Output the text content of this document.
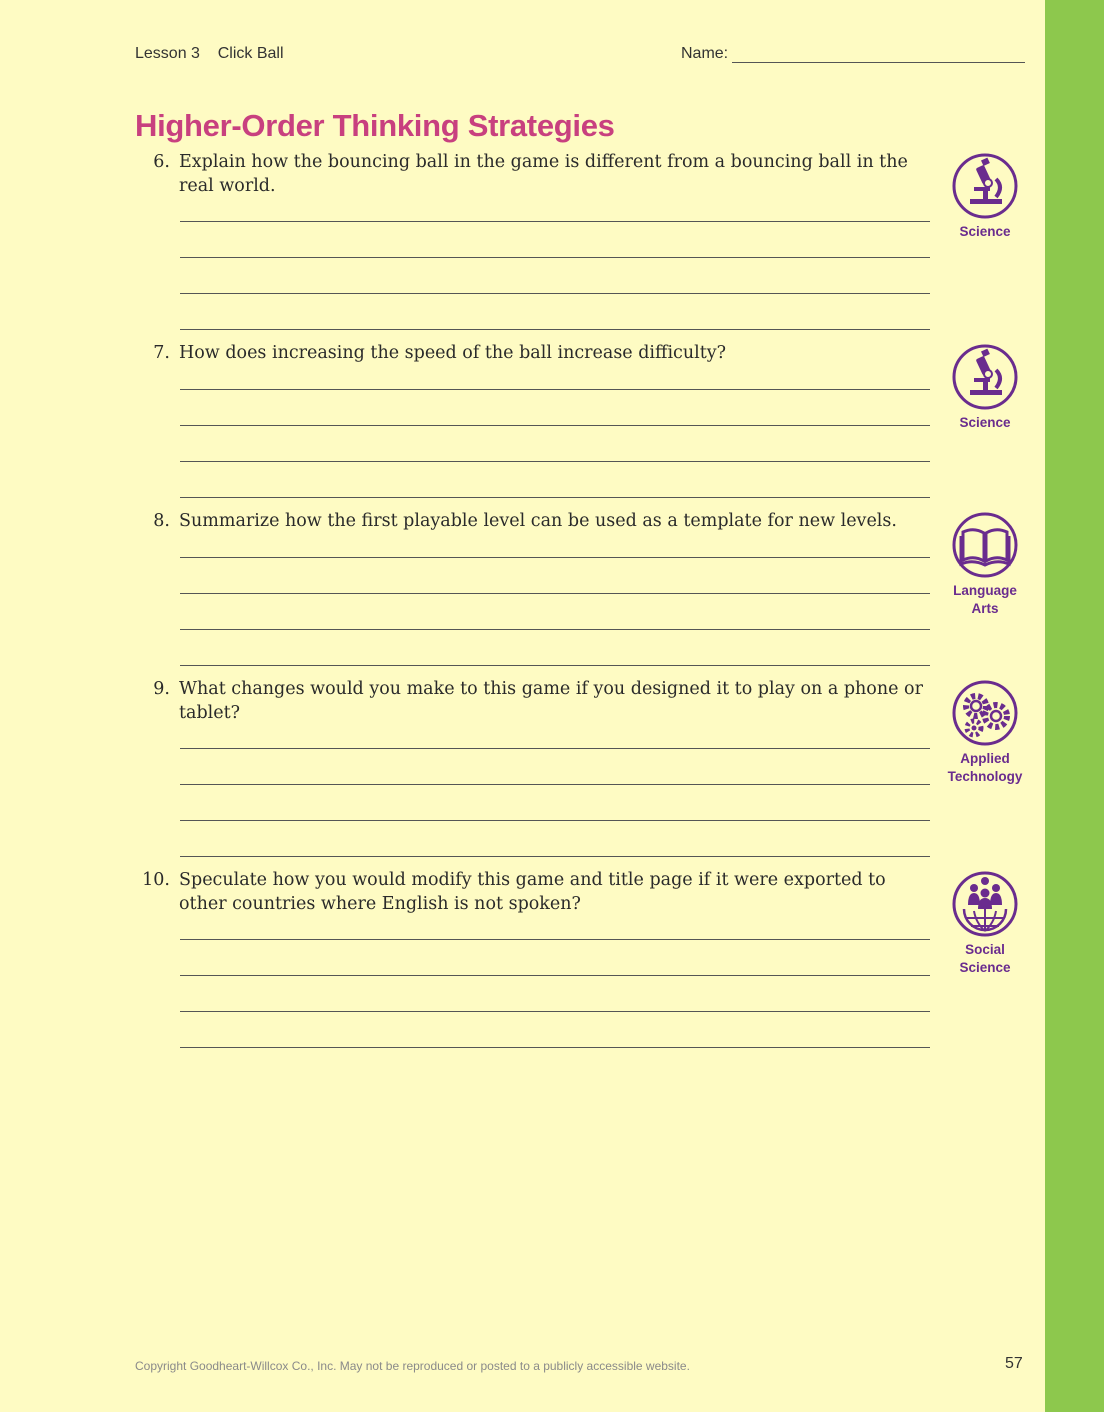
Lesson 3    Click Ball	Name:
Higher-Order Thinking Strategies
6. Explain how the bouncing ball in the game is different from a bouncing ball in the real world.
Science
7. How does increasing the speed of the ball increase difficulty?
Science
8. Summarize how the first playable level can be used as a template for new levels.
Language
Arts
9. What changes would you make to this game if you designed it to play on a phone or tablet?
Applied
Technology
10. Speculate how you would modify this game and title page if it were exported to other countries where English is not spoken?
Social
Science
Copyright Goodheart-Willcox Co., Inc. May not be reproduced or posted to a publicly accessible website.	57
